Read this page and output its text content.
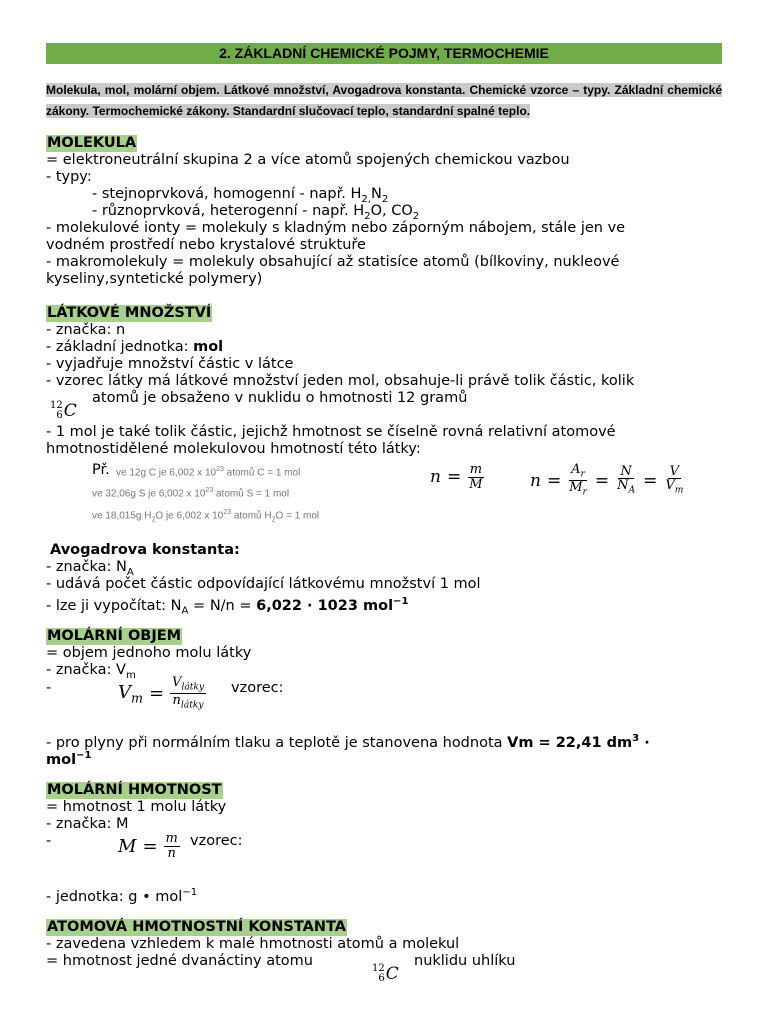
2. ZÁKLADNÍ CHEMICKÉ POJMY, TERMOCHEMIE
Molekula, mol, molární objem. Látkové množství, Avogadrova konstanta. Chemické vzorce – typy. Základní chemické zákony. Termochemické zákony. Standardní slučovací teplo, standardní spalné teplo.
MOLEKULA
= elektroneutrální skupina 2 a více atomů spojených chemickou vazbou
- typy:
- stejnoprvková, homogenní - např. $H_{2,}N_2$
- různoprvková, heterogenní - např. $H_2O$, $CO_2$
- molekulové ionty = molekuly s kladným nebo záporným nábojem, stále jen ve
vodném prostředí nebo krystalové struktuře
- makromolekuly = molekuly obsahující až statisíce atomů (bílkoviny, nukleové
kyseliny,syntetické polymery)
LÁTKOVÉ MNOŽSTVÍ
- značka: n
- základní jednotka: mol
- vyjadřuje množství částic v látce
- vzorec látky má látkové množství jeden mol, obsahuje-li právě tolik částic, kolik
12
6 C
atomů je obsaženo v nuklidu o hmotnosti 12 gramů
- 1 mol je také tolik částic, jejichž hmotnost se číselně rovná relativní atomové
hmotnostidělené molekulovou hmotností této látky:
Př. ve 12g C je 6,002 x $10^{23}$ atomů C = 1 mol
ve 32,06g S je 6,002 x $10^{23}$ atomů S = 1 mol
ve 18,015g $H_2O$ je 6,002 x $10^{23}$ atomů $H_2O = 1$ mol
$n = \frac{m}{M}$	$n = \frac{A_r}{M_r} = \frac{N}{N_A} = \frac{V}{V_m}$
Avogadrova konstanta:
- značka: $N_A$
- udává počet částic odpovídající látkovému množství 1 mol
- lze ji vypočítat: $N_A = N/n = 6,022 \cdot 1023$ mol$^{-1}$
MOLÁRNÍ OBJEM
= objem jednoho molu látky
- značka: $V_m$
-	$V_m = \frac{V_{látky}}{n_{látky}}$ vzorec:
- pro plyny při normálním tlaku a teplotě je stanovena hodnota Vm = 22,41 $dm^3$ ·
mol$^{-1}$
MOLÁRNÍ HMOTNOST
= hmotnost 1 molu látky
- značka: M
-	$M = \frac{m}{n}$ vzorec:
- jednotka: g • mol$^{-1}$
ATOMOVÁ HMOTNOSTNÍ KONSTANTA
- zavedena vzhledem k malé hmotnosti atomů a molekul
= hmotnost jedné dvanáctiny atomu	12
6 C
nuklidu uhlíku
